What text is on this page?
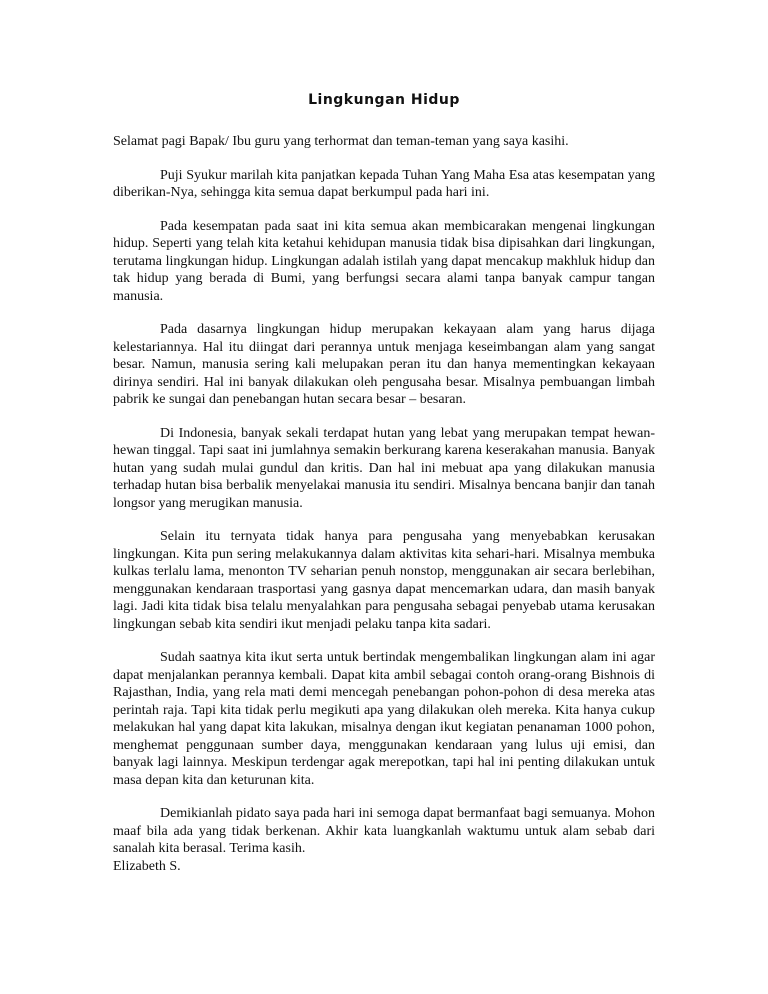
Lingkungan Hidup

Selamat pagi Bapak/ Ibu guru yang terhormat dan teman-teman yang saya kasihi.

Puji Syukur marilah kita panjatkan kepada Tuhan Yang Maha Esa atas kesempatan yang diberikan-Nya, sehingga kita semua dapat berkumpul pada hari ini.

Pada kesempatan pada saat ini kita semua akan membicarakan mengenai lingkungan hidup. Seperti yang telah kita ketahui kehidupan manusia tidak bisa dipisahkan dari lingkungan, terutama lingkungan hidup. Lingkungan adalah istilah yang dapat mencakup makhluk hidup dan tak hidup yang berada di Bumi, yang berfungsi secara alami tanpa banyak campur tangan manusia.

Pada dasarnya lingkungan hidup merupakan kekayaan alam yang harus dijaga kelestariannya. Hal itu diingat dari perannya untuk menjaga keseimbangan alam yang sangat besar. Namun, manusia sering kali melupakan peran itu dan hanya mementingkan kekayaan dirinya sendiri. Hal ini banyak dilakukan oleh pengusaha besar. Misalnya pembuangan limbah pabrik ke sungai dan penebangan hutan secara besar – besaran.

Di Indonesia, banyak sekali terdapat hutan yang lebat yang merupakan tempat hewan-hewan tinggal. Tapi saat ini jumlahnya semakin berkurang karena keserakahan manusia. Banyak hutan yang sudah mulai gundul dan kritis. Dan hal ini mebuat apa yang dilakukan manusia terhadap hutan bisa berbalik menyelakai manusia itu sendiri. Misalnya bencana banjir dan tanah longsor yang merugikan manusia.

Selain itu ternyata tidak hanya para pengusaha yang menyebabkan kerusakan lingkungan. Kita pun sering melakukannya dalam aktivitas kita sehari-hari. Misalnya membuka kulkas terlalu lama, menonton TV seharian penuh nonstop, menggunakan air secara berlebihan, menggunakan kendaraan trasportasi yang gasnya dapat mencemarkan udara, dan masih banyak lagi. Jadi kita tidak bisa telalu menyalahkan para pengusaha sebagai penyebab utama kerusakan lingkungan sebab kita sendiri ikut menjadi pelaku tanpa kita sadari.

Sudah saatnya kita ikut serta untuk bertindak mengembalikan lingkungan alam ini agar dapat menjalankan perannya kembali. Dapat kita ambil sebagai contoh orang-orang Bishnois di Rajasthan, India, yang rela mati demi mencegah penebangan pohon-pohon di desa mereka atas perintah raja. Tapi kita tidak perlu megikuti apa yang dilakukan oleh mereka. Kita hanya cukup melakukan hal yang dapat kita lakukan, misalnya dengan ikut kegiatan penanaman 1000 pohon, menghemat penggunaan sumber daya, menggunakan kendaraan yang lulus uji emisi, dan banyak lagi lainnya. Meskipun terdengar agak merepotkan, tapi hal ini penting dilakukan untuk masa depan kita dan keturunan kita.

Demikianlah pidato saya pada hari ini semoga dapat bermanfaat bagi semuanya. Mohon maaf bila ada yang tidak berkenan. Akhir kata luangkanlah waktumu untuk alam sebab dari sanalah kita berasal. Terima kasih.

Elizabeth S.
